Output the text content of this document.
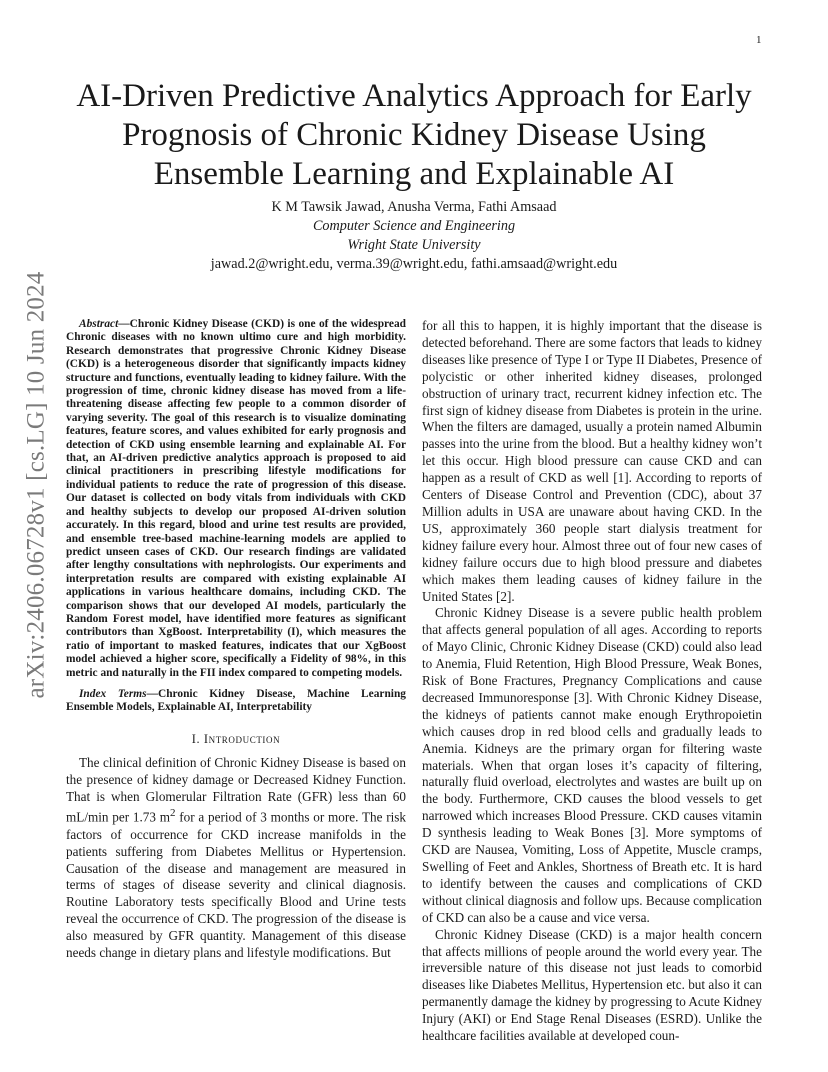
1
arXiv:2406.06728v1 [cs.LG] 10 Jun 2024
AI-Driven Predictive Analytics Approach for Early Prognosis of Chronic Kidney Disease Using Ensemble Learning and Explainable AI
K M Tawsik Jawad, Anusha Verma, Fathi Amsaad
Computer Science and Engineering
Wright State University
jawad.2@wright.edu, verma.39@wright.edu, fathi.amsaad@wright.edu

Abstract—Chronic Kidney Disease (CKD) is one of the widespread Chronic diseases with no known ultimo cure and high morbidity. Research demonstrates that progressive Chronic Kidney Disease (CKD) is a heterogeneous disorder that significantly impacts kidney structure and functions, eventually leading to kidney failure. With the progression of time, chronic kidney disease has moved from a life-threatening disease affecting few people to a common disorder of varying severity. The goal of this research is to visualize dominating features, feature scores, and values exhibited for early prognosis and detection of CKD using ensemble learning and explainable AI. For that, an AI-driven predictive analytics approach is proposed to aid clinical practitioners in prescribing lifestyle modifications for individual patients to reduce the rate of progression of this disease. Our dataset is collected on body vitals from individuals with CKD and healthy subjects to develop our proposed AI-driven solution accurately. In this regard, blood and urine test results are provided, and ensemble tree-based machine-learning models are applied to predict unseen cases of CKD. Our research findings are validated after lengthy consultations with nephrologists. Our experiments and interpretation results are compared with existing explainable AI applications in various healthcare domains, including CKD. The comparison shows that our developed AI models, particularly the Random Forest model, have identified more features as significant contributors than XgBoost. Interpretability (I), which measures the ratio of important to masked features, indicates that our XgBoost model achieved a higher score, specifically a Fidelity of 98%, in this metric and naturally in the FII index compared to competing models.

Index Terms—Chronic Kidney Disease, Machine Learning Ensemble Models, Explainable AI, Interpretability

I. Introduction

The clinical definition of Chronic Kidney Disease is based on the presence of kidney damage or Decreased Kidney Function. That is when Glomerular Filtration Rate (GFR) less than 60 mL/min per 1.73 $m^2$ for a period of 3 months or more. The risk factors of occurrence for CKD increase manifolds in the patients suffering from Diabetes Mellitus or Hypertension. Causation of the disease and management are measured in terms of stages of disease severity and clinical diagnosis. Routine Laboratory tests specifically Blood and Urine tests reveal the occurrence of CKD. The progression of the disease is also measured by GFR quantity. Management of this disease needs change in dietary plans and lifestyle modifications. But

for all this to happen, it is highly important that the disease is detected beforehand. There are some factors that leads to kidney diseases like presence of Type I or Type II Diabetes, Presence of polycistic or other inherited kidney diseases, prolonged obstruction of urinary tract, recurrent kidney infection etc. The first sign of kidney disease from Diabetes is protein in the urine. When the filters are damaged, usually a protein named Albumin passes into the urine from the blood. But a healthy kidney won’t let this occur. High blood pressure can cause CKD and can happen as a result of CKD as well [1]. According to reports of Centers of Disease Control and Prevention (CDC), about 37 Million adults in USA are unaware about having CKD. In the US, approximately 360 people start dialysis treatment for kidney failure every hour. Almost three out of four new cases of kidney failure occurs due to high blood pressure and diabetes which makes them leading causes of kidney failure in the United States [2].

Chronic Kidney Disease is a severe public health problem that affects general population of all ages. According to reports of Mayo Clinic, Chronic Kidney Disease (CKD) could also lead to Anemia, Fluid Retention, High Blood Pressure, Weak Bones, Risk of Bone Fractures, Pregnancy Complications and cause decreased Immunoresponse [3]. With Chronic Kidney Disease, the kidneys of patients cannot make enough Erythropoietin which causes drop in red blood cells and gradually leads to Anemia. Kidneys are the primary organ for filtering waste materials. When that organ loses it’s capacity of filtering, naturally fluid overload, electrolytes and wastes are built up on the body. Furthermore, CKD causes the blood vessels to get narrowed which increases Blood Pressure. CKD causes vitamin D synthesis leading to Weak Bones [3]. More symptoms of CKD are Nausea, Vomiting, Loss of Appetite, Muscle cramps, Swelling of Feet and Ankles, Shortness of Breath etc. It is hard to identify between the causes and complications of CKD without clinical diagnosis and follow ups. Because complication of CKD can also be a cause and vice versa.

Chronic Kidney Disease (CKD) is a major health concern that affects millions of people around the world every year. The irreversible nature of this disease not just leads to comorbid diseases like Diabetes Mellitus, Hypertension etc. but also it can permanently damage the kidney by progressing to Acute Kidney Injury (AKI) or End Stage Renal Diseases (ESRD). Unlike the healthcare facilities available at developed coun-
